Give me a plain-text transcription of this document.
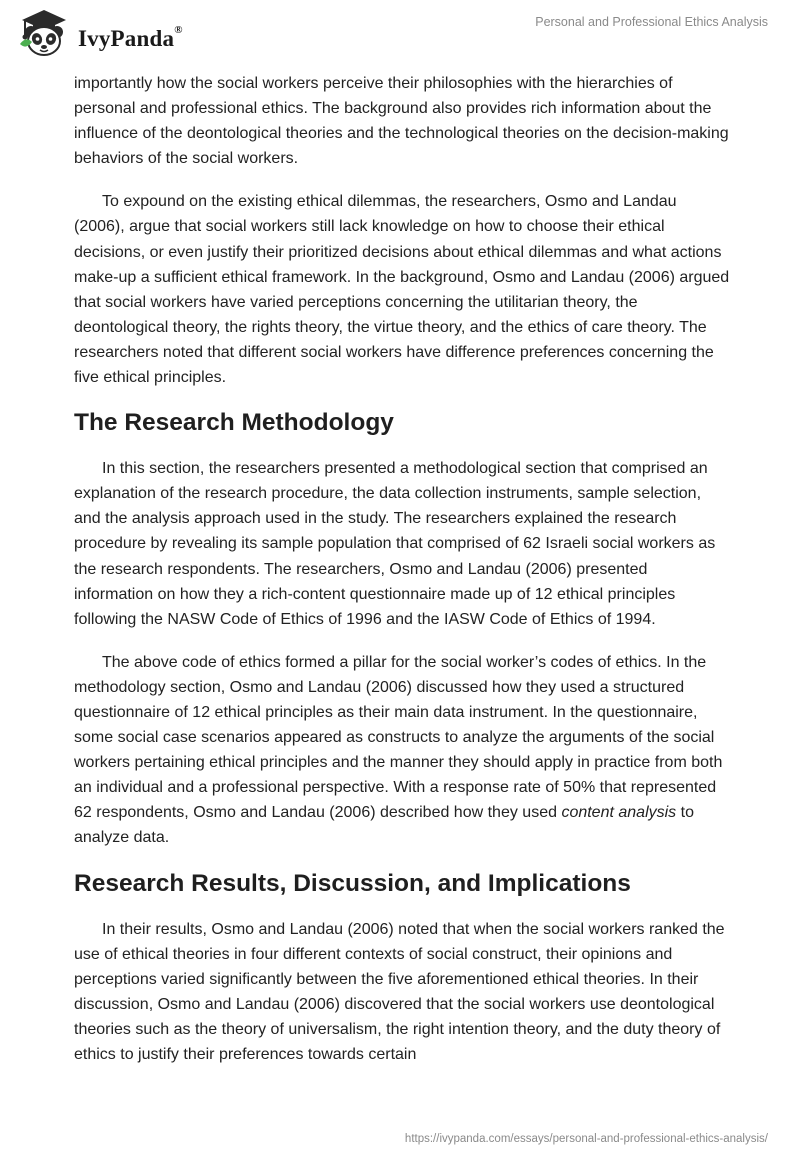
IvyPanda®
Personal and Professional Ethics Analysis

importantly how the social workers perceive their philosophies with the hierarchies of personal and professional ethics. The background also provides rich information about the influence of the deontological theories and the technological theories on the decision-making behaviors of the social workers.

To expound on the existing ethical dilemmas, the researchers, Osmo and Landau (2006), argue that social workers still lack knowledge on how to choose their ethical decisions, or even justify their prioritized decisions about ethical dilemmas and what actions make-up a sufficient ethical framework. In the background, Osmo and Landau (2006) argued that social workers have varied perceptions concerning the utilitarian theory, the deontological theory, the rights theory, the virtue theory, and the ethics of care theory. The researchers noted that different social workers have difference preferences concerning the five ethical principles.

The Research Methodology

In this section, the researchers presented a methodological section that comprised an explanation of the research procedure, the data collection instruments, sample selection, and the analysis approach used in the study. The researchers explained the research procedure by revealing its sample population that comprised of 62 Israeli social workers as the research respondents. The researchers, Osmo and Landau (2006) presented information on how they a rich-content questionnaire made up of 12 ethical principles following the NASW Code of Ethics of 1996 and the IASW Code of Ethics of 1994.

The above code of ethics formed a pillar for the social worker’s codes of ethics. In the methodology section, Osmo and Landau (2006) discussed how they used a structured questionnaire of 12 ethical principles as their main data instrument. In the questionnaire, some social case scenarios appeared as constructs to analyze the arguments of the social workers pertaining ethical principles and the manner they should apply in practice from both an individual and a professional perspective. With a response rate of 50% that represented 62 respondents, Osmo and Landau (2006) described how they used content analysis to analyze data.

Research Results, Discussion, and Implications

In their results, Osmo and Landau (2006) noted that when the social workers ranked the use of ethical theories in four different contexts of social construct, their opinions and perceptions varied significantly between the five aforementioned ethical theories. In their discussion, Osmo and Landau (2006) discovered that the social workers use deontological theories such as the theory of universalism, the right intention theory, and the duty theory of ethics to justify their preferences towards certain

https://ivypanda.com/essays/personal-and-professional-ethics-analysis/
